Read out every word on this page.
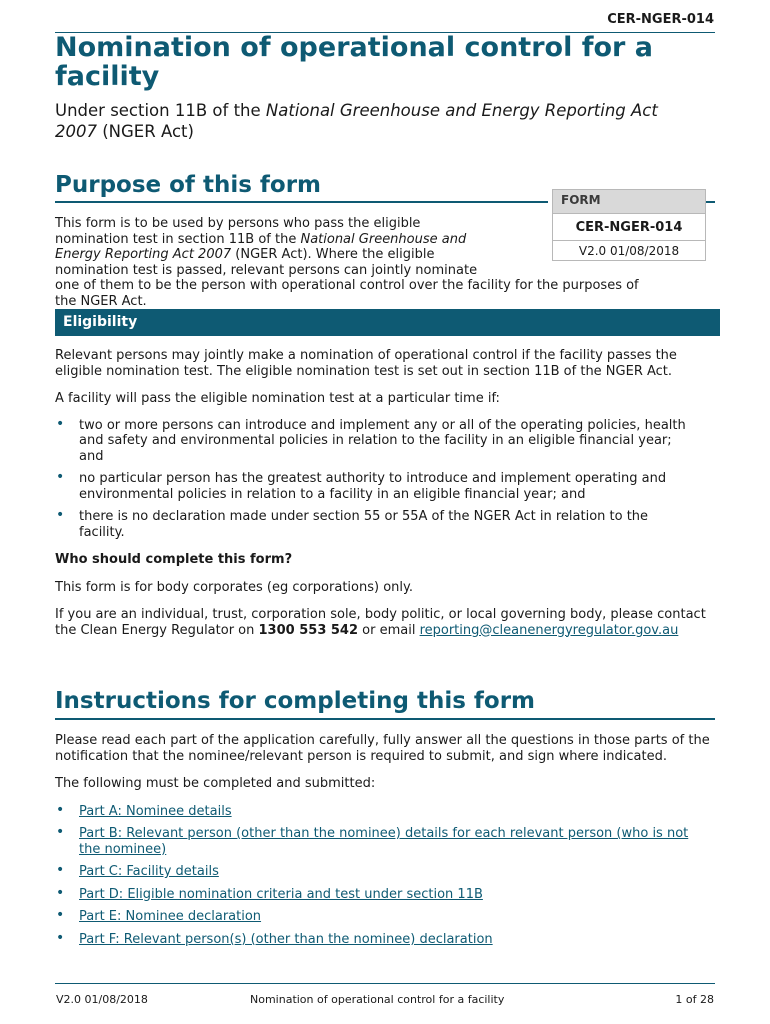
CER-NGER-014
Nomination of operational control for a facility
Under section 11B of the National Greenhouse and Energy Reporting Act 2007 (NGER Act)
Purpose of this form
FORM
CER-NGER-014
V2.0 01/08/2018
This form is to be used by persons who pass the eligible nomination test in section 11B of the National Greenhouse and Energy Reporting Act 2007 (NGER Act). Where the eligible nomination test is passed, relevant persons can jointly nominate one of them to be the person with operational control over the facility for the purposes of the NGER Act.
Eligibility

Relevant persons may jointly make a nomination of operational control if the facility passes the eligible nomination test. The eligible nomination test is set out in section 11B of the NGER Act.

A facility will pass the eligible nomination test at a particular time if:

• two or more persons can introduce and implement any or all of the operating policies, health and safety and environmental policies in relation to the facility in an eligible financial year; and
• no particular person has the greatest authority to introduce and implement operating and environmental policies in relation to a facility in an eligible financial year; and
• there is no declaration made under section 55 or 55A of the NGER Act in relation to the facility.

Who should complete this form?

This form is for body corporates (eg corporations) only.

If you are an individual, trust, corporation sole, body politic, or local governing body, please contact the Clean Energy Regulator on 1300 553 542 or email reporting@cleanenergyregulator.gov.au

Instructions for completing this form

Please read each part of the application carefully, fully answer all the questions in those parts of the notification that the nominee/relevant person is required to submit, and sign where indicated.

The following must be completed and submitted:

• Part A: Nominee details
• Part B: Relevant person (other than the nominee) details for each relevant person (who is not the nominee)
• Part C: Facility details
• Part D: Eligible nomination criteria and test under section 11B
• Part E: Nominee declaration
• Part F: Relevant person(s) (other than the nominee) declaration
V2.0 01/08/2018	Nomination of operational control for a facility	1 of 28
